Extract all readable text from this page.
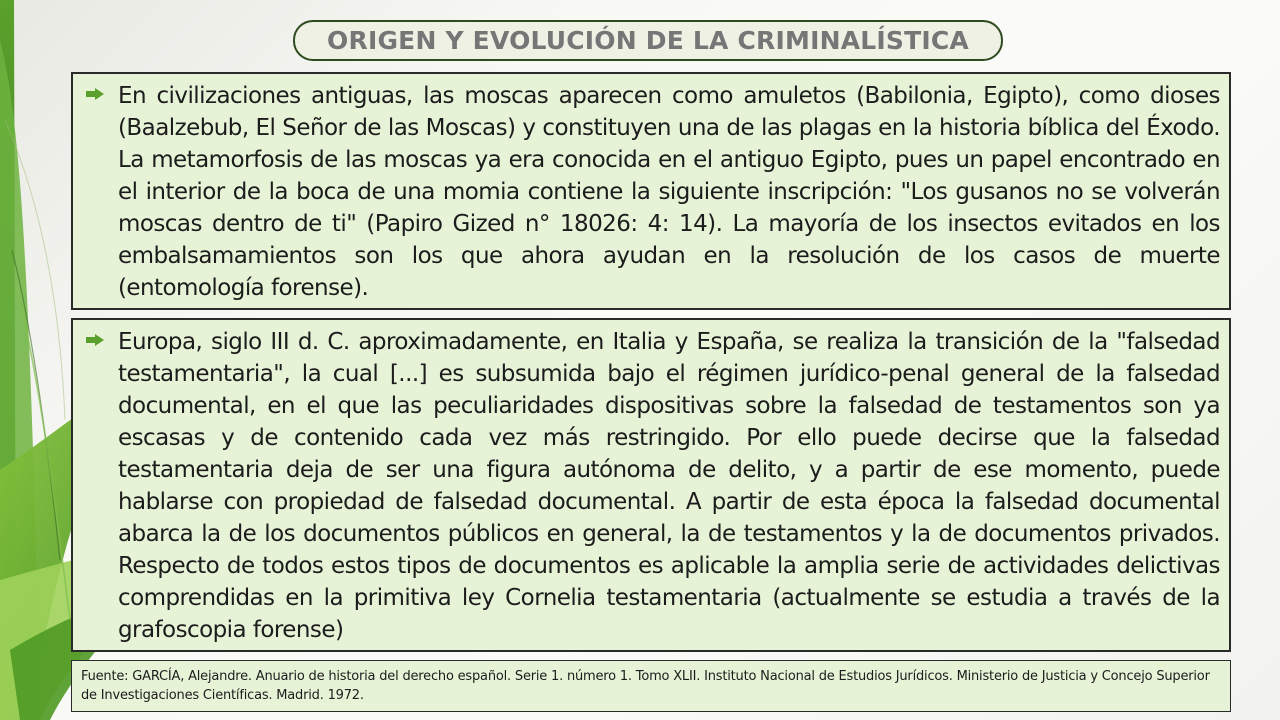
ORIGEN Y EVOLUCIÓN DE LA CRIMINALÍSTICA

En civilizaciones antiguas, las moscas aparecen como amuletos (Babilonia, Egipto), como dioses (Baalzebub, El Señor de las Moscas) y constituyen una de las plagas en la historia bíblica del Éxodo. La metamorfosis de las moscas ya era conocida en el antiguo Egipto, pues un papel encontrado en el interior de la boca de una momia contiene la siguiente inscripción: "Los gusanos no se volverán moscas dentro de ti" (Papiro Gized n° 18026: 4: 14). La mayoría de los insectos evitados en los embalsamamientos son los que ahora ayudan en la resolución de los casos de muerte (entomología forense).

Europa, siglo III d. C. aproximadamente, en Italia y España, se realiza la transición de la "falsedad testamentaria", la cual [...] es subsumida bajo el régimen jurídico-penal general de la falsedad documental, en el que las peculiaridades dispositivas sobre la falsedad de testamentos son ya escasas y de contenido cada vez más restringido. Por ello puede decirse que la falsedad testamentaria deja de ser una figura autónoma de delito, y a partir de ese momento, puede hablarse con propiedad de falsedad documental. A partir de esta época la falsedad documental abarca la de los documentos públicos en general, la de testamentos y la de documentos privados. Respecto de todos estos tipos de documentos es aplicable la amplia serie de actividades delictivas comprendidas en la primitiva ley Cornelia testamentaria (actualmente se estudia a través de la grafoscopia forense)

Fuente: GARCÍA, Alejandre. Anuario de historia del derecho español. Serie 1. número 1. Tomo XLII. Instituto Nacional de Estudios Jurídicos. Ministerio de Justicia y Concejo Superior de Investigaciones Científicas. Madrid. 1972.
